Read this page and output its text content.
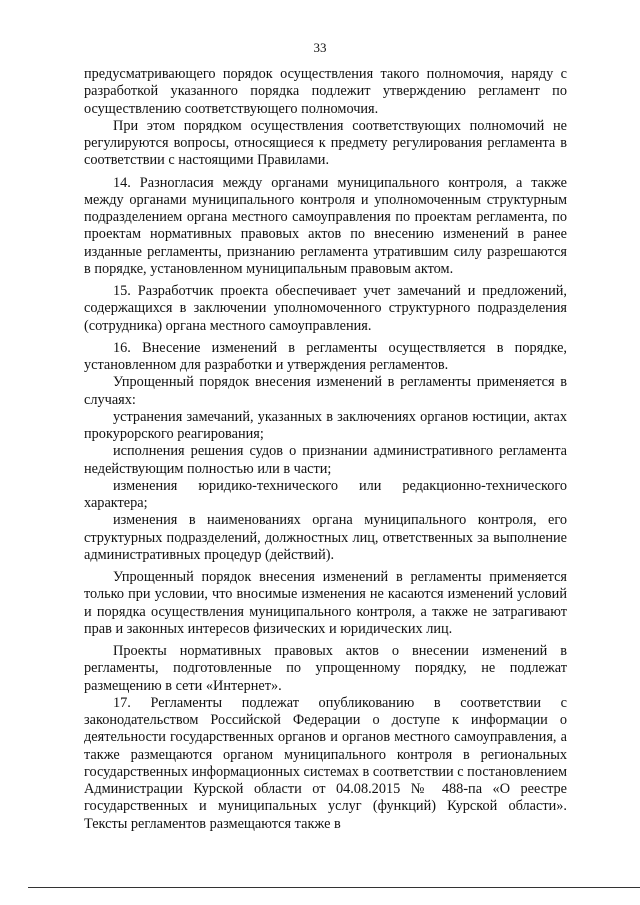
33

предусматривающего порядок осуществления такого полномочия, наряду с разработкой указанного порядка подлежит утверждению регламент по осуществлению соответствующего полномочия.

При этом порядком осуществления соответствующих полномочий не регулируются вопросы, относящиеся к предмету регулирования регламента в соответствии с настоящими Правилами.

14. Разногласия между органами муниципального контроля, а также между органами муниципального контроля и уполномоченным структурным подразделением органа местного самоуправления по проектам регламента, по проектам нормативных правовых актов по внесению изменений в ранее изданные регламенты, признанию регламента утратившим силу разрешаются в порядке, установленном муниципальным правовым актом.

15. Разработчик проекта обеспечивает учет замечаний и предложений, содержащихся в заключении уполномоченного структурного подразделения (сотрудника) органа местного самоуправления.

16. Внесение изменений в регламенты осуществляется в порядке, установленном для разработки и утверждения регламентов.

Упрощенный порядок внесения изменений в регламенты применяется в случаях:

устранения замечаний, указанных в заключениях органов юстиции, актах прокурорского реагирования;

исполнения решения судов о признании административного регламента недействующим полностью или в части;

изменения юридико-технического или редакционно-технического характера;

изменения в наименованиях органа муниципального контроля, его структурных подразделений, должностных лиц, ответственных за выполнение административных процедур (действий).

Упрощенный порядок внесения изменений в регламенты применяется только при условии, что вносимые изменения не касаются изменений условий и порядка осуществления муниципального контроля, а также не затрагивают прав и законных интересов физических и юридических лиц.

Проекты нормативных правовых актов о внесении изменений в регламенты, подготовленные по упрощенному порядку, не подлежат размещению в сети «Интернет».

17. Регламенты подлежат опубликованию в соответствии с законодательством Российской Федерации о доступе к информации о деятельности государственных органов и органов местного самоуправления, а также размещаются органом муниципального контроля в региональных государственных информационных системах в соответствии с постановлением Администрации Курской области от 04.08.2015 № 488-па «О реестре государственных и муниципальных услуг (функций) Курской области». Тексты регламентов размещаются также в
